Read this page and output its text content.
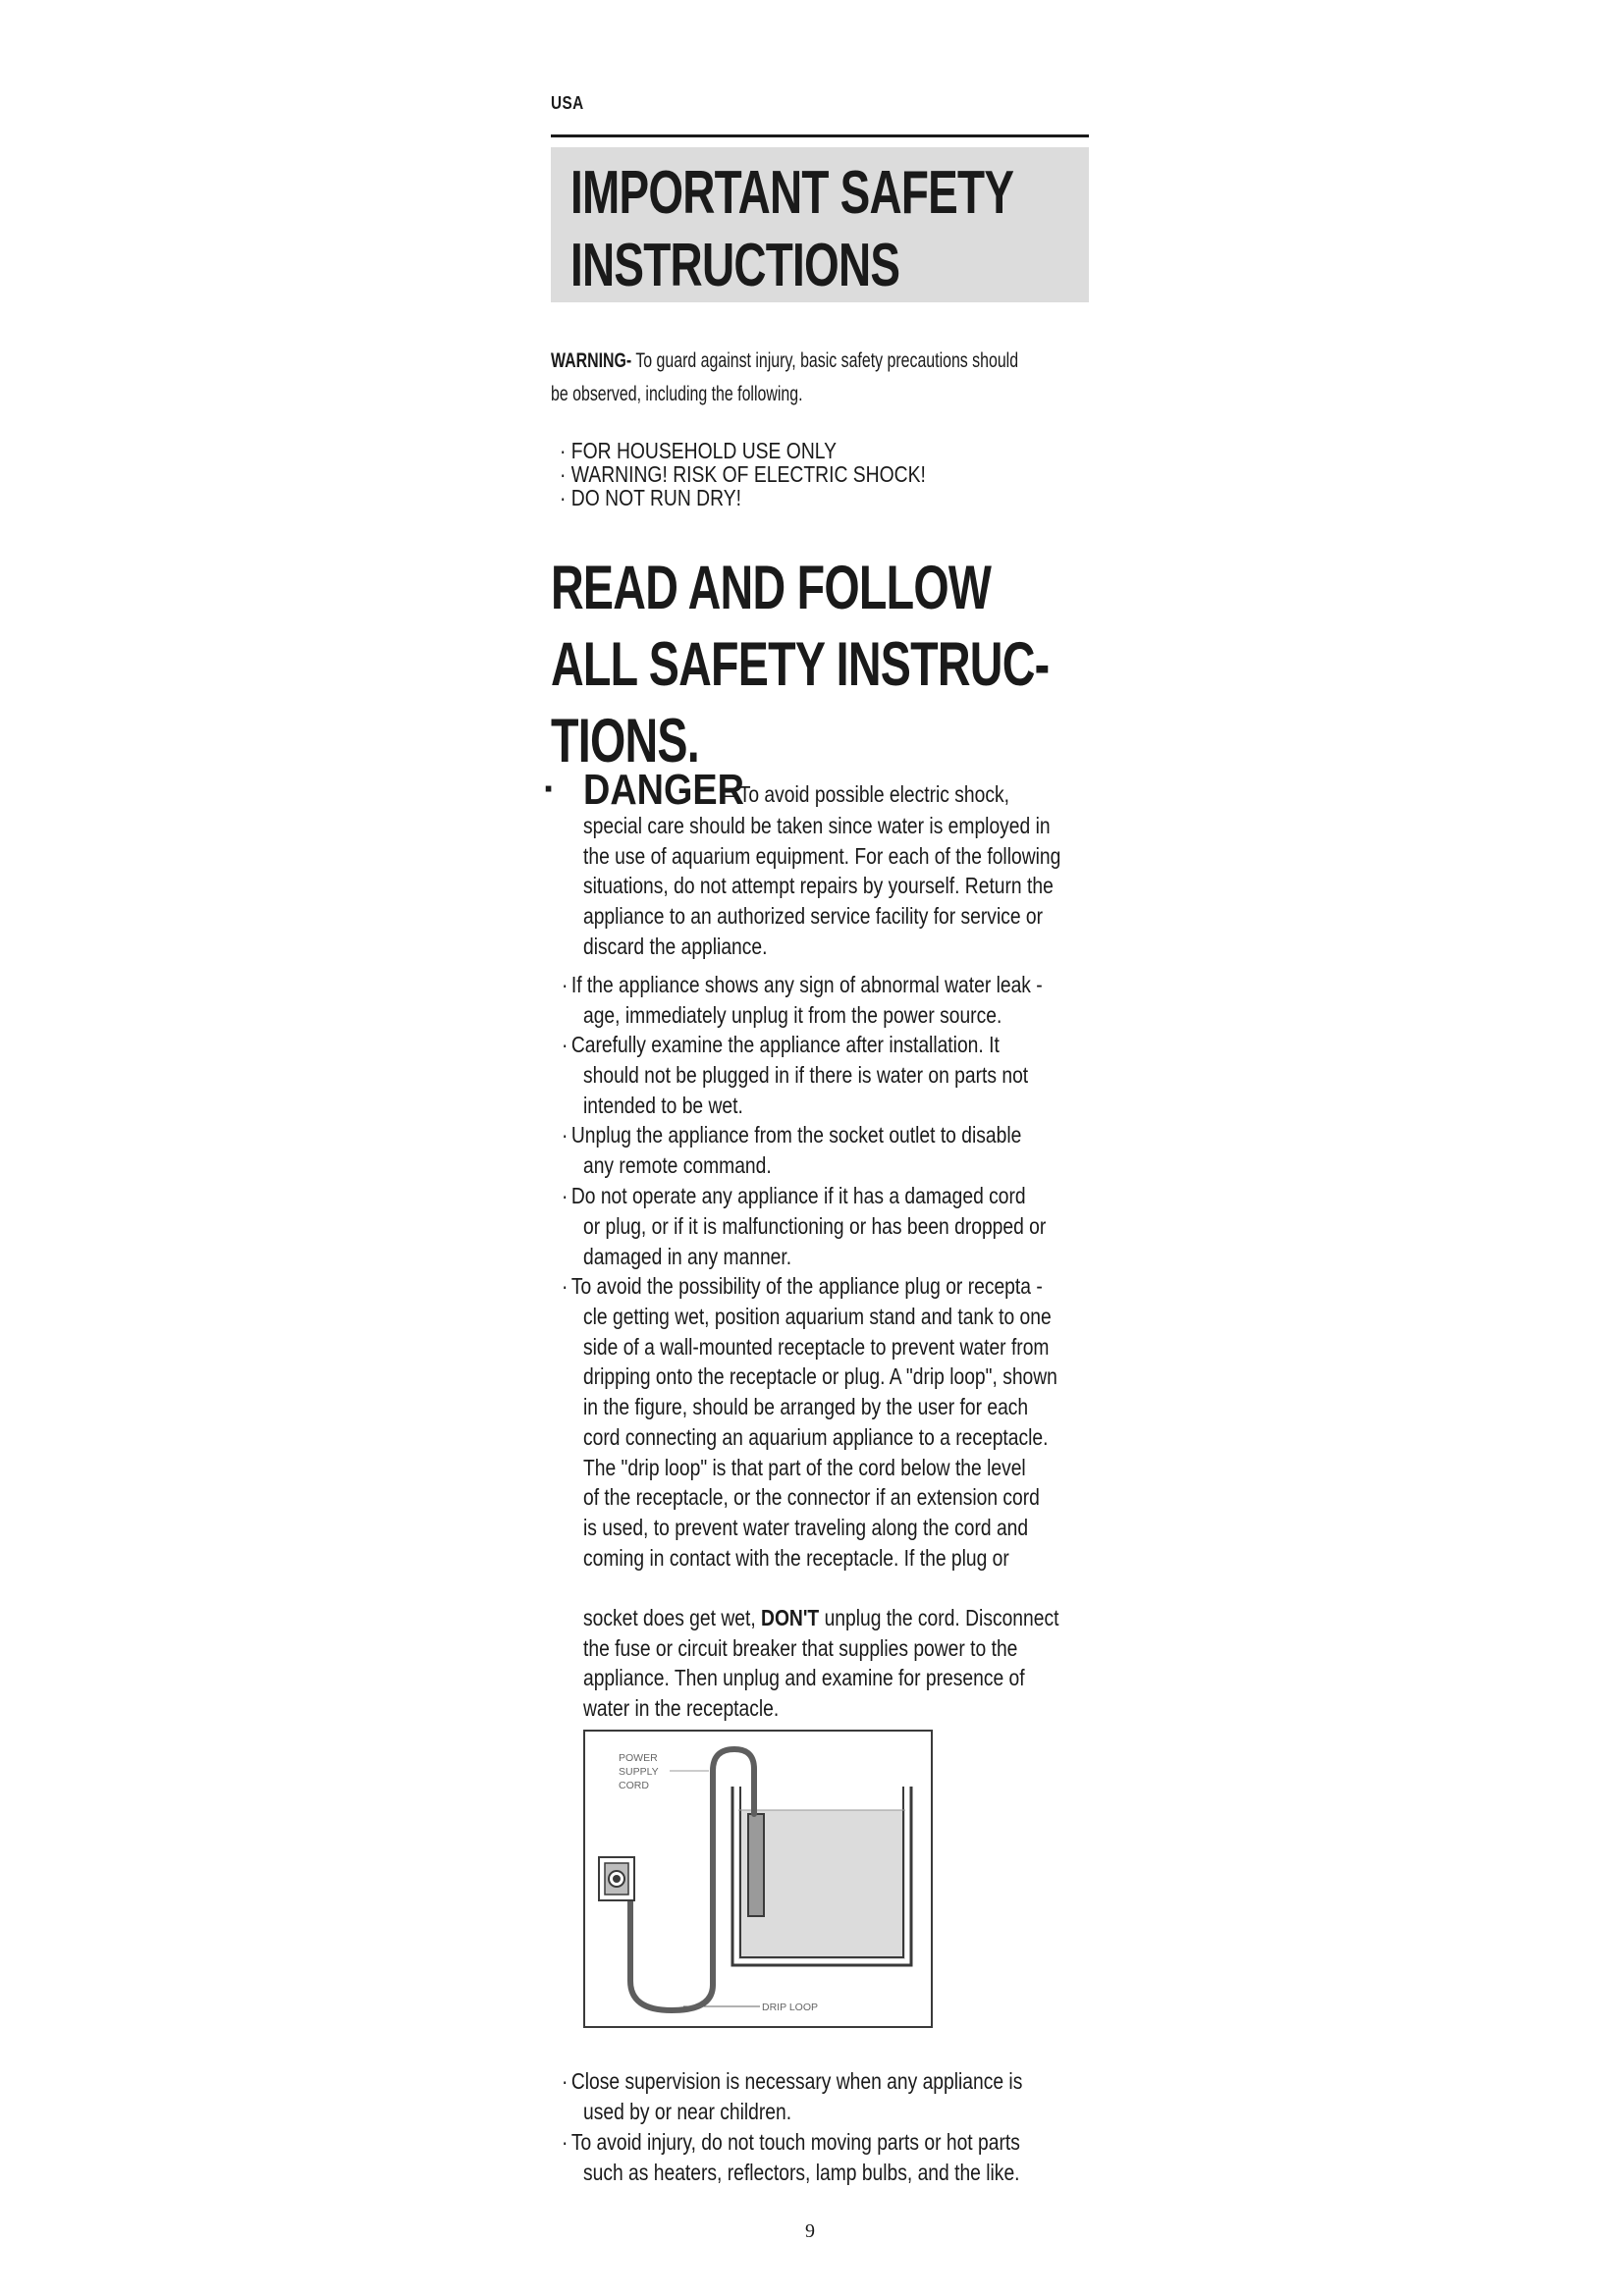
USA
IMPORTANT SAFETY
INSTRUCTIONS
WARNING- To guard against injury, basic safety precautions should
be observed, including the following.
· FOR HOUSEHOLD USE ONLY
· WARNING! RISK OF ELECTRIC SHOCK!
· DO NOT RUN DRY!
READ AND FOLLOW
ALL SAFETY INSTRUC-
TIONS.
· DANGER
– To avoid possible electric shock,
special care should be taken since water is employed in
the use of aquarium equipment. For each of the following
situations, do not attempt repairs by yourself. Return the
appliance to an authorized service facility for service or
discard the appliance.
· If the appliance shows any sign of abnormal water leak -
age, immediately unplug it from the power source.
· Carefully examine the appliance after installation. It
should not be plugged in if there is water on parts not
intended to be wet.
· Unplug the appliance from the socket outlet to disable
any remote command.
· Do not operate any appliance if it has a damaged cord
or plug, or if it is malfunctioning or has been dropped or
damaged in any manner.
· To avoid the possibility of the appliance plug or recepta -
cle getting wet, position aquarium stand and tank to one
side of a wall-mounted receptacle to prevent water from
dripping onto the receptacle or plug. A "drip loop", shown
in the figure, should be arranged by the user for each
cord connecting an aquarium appliance to a receptacle.
The "drip loop" is that part of the cord below the level
of the receptacle, or the connector if an extension cord
is used, to prevent water traveling along the cord and
coming in contact with the receptacle. If the plug or

socket does get wet, DON'T unplug the cord. Disconnect
the fuse or circuit breaker that supplies power to the
appliance. Then unplug and examine for presence of
water in the receptacle.
POWER
SUPPLY
CORD
DRIP LOOP
· Close supervision is necessary when any appliance is
used by or near children.
· To avoid injury, do not touch moving parts or hot parts
such as heaters, reflectors, lamp bulbs, and the like.
9
